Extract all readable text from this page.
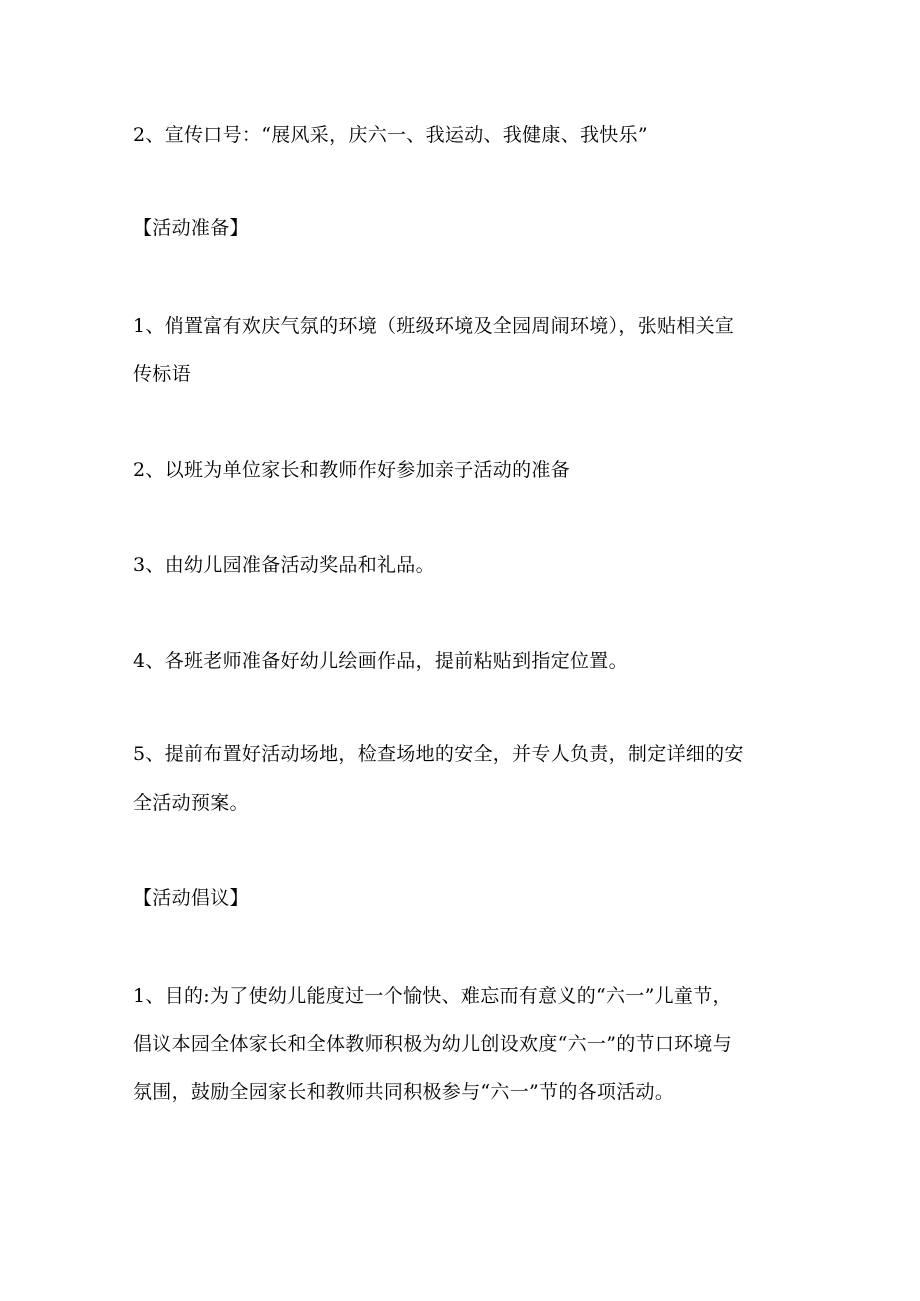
2、宣传口号：“展风采，庆六一、我运动、我健康、我快乐”
【活动准备】
1、俏置富有欢庆气氛的环境（班级环境及全园周闹环境），张贴相关宣
传标语
2、以班为单位家长和教师作好参加亲子活动的准备
3、由幼儿园准备活动奖品和礼品。
4、各班老师准备好幼儿绘画作品，提前粘贴到指定位置。
5、提前布置好活动场地，检查场地的安全，并专人负责，制定详细的安
全活动预案。
【活动倡议】
1、目的:为了使幼儿能度过一个愉快、难忘而有意义的“六一”儿童节，
倡议本园全体家长和全体教师积极为幼儿创设欢度“六一”的节口环境与
氛围，鼓励全园家长和教师共同积极参与“六一”节的各项活动。
